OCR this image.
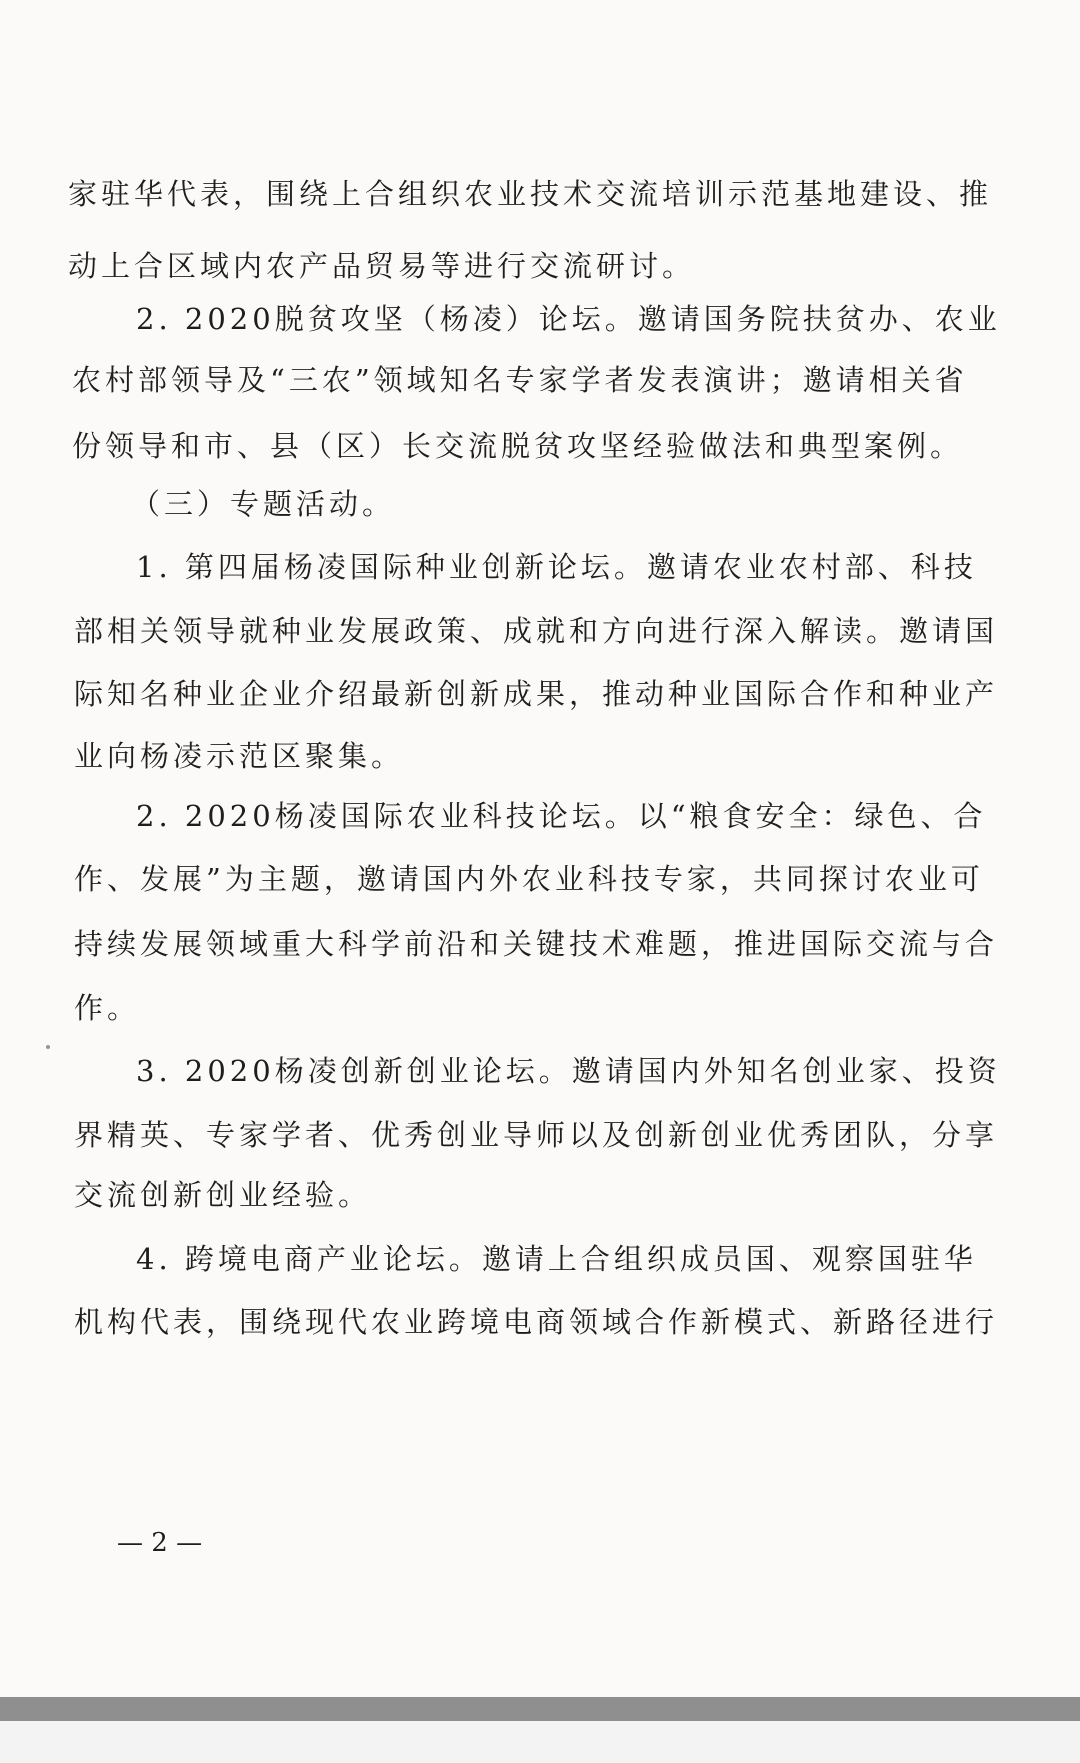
家驻华代表，围绕上合组织农业技术交流培训示范基地建设、推
动上合区域内农产品贸易等进行交流研讨。
2. 2020脱贫攻坚（杨凌）论坛。邀请国务院扶贫办、农业
农村部领导及“三农”领域知名专家学者发表演讲；邀请相关省
份领导和市、县（区）长交流脱贫攻坚经验做法和典型案例。
（三）专题活动。
1. 第四届杨凌国际种业创新论坛。邀请农业农村部、科技
部相关领导就种业发展政策、成就和方向进行深入解读。邀请国
际知名种业企业介绍最新创新成果，推动种业国际合作和种业产
业向杨凌示范区聚集。
2. 2020杨凌国际农业科技论坛。以“粮食安全：绿色、合
作、发展”为主题，邀请国内外农业科技专家，共同探讨农业可
持续发展领域重大科学前沿和关键技术难题，推进国际交流与合
作。
3. 2020杨凌创新创业论坛。邀请国内外知名创业家、投资
界精英、专家学者、优秀创业导师以及创新创业优秀团队，分享
交流创新创业经验。
4. 跨境电商产业论坛。邀请上合组织成员国、观察国驻华
机构代表，围绕现代农业跨境电商领域合作新模式、新路径进行
— 2 —
